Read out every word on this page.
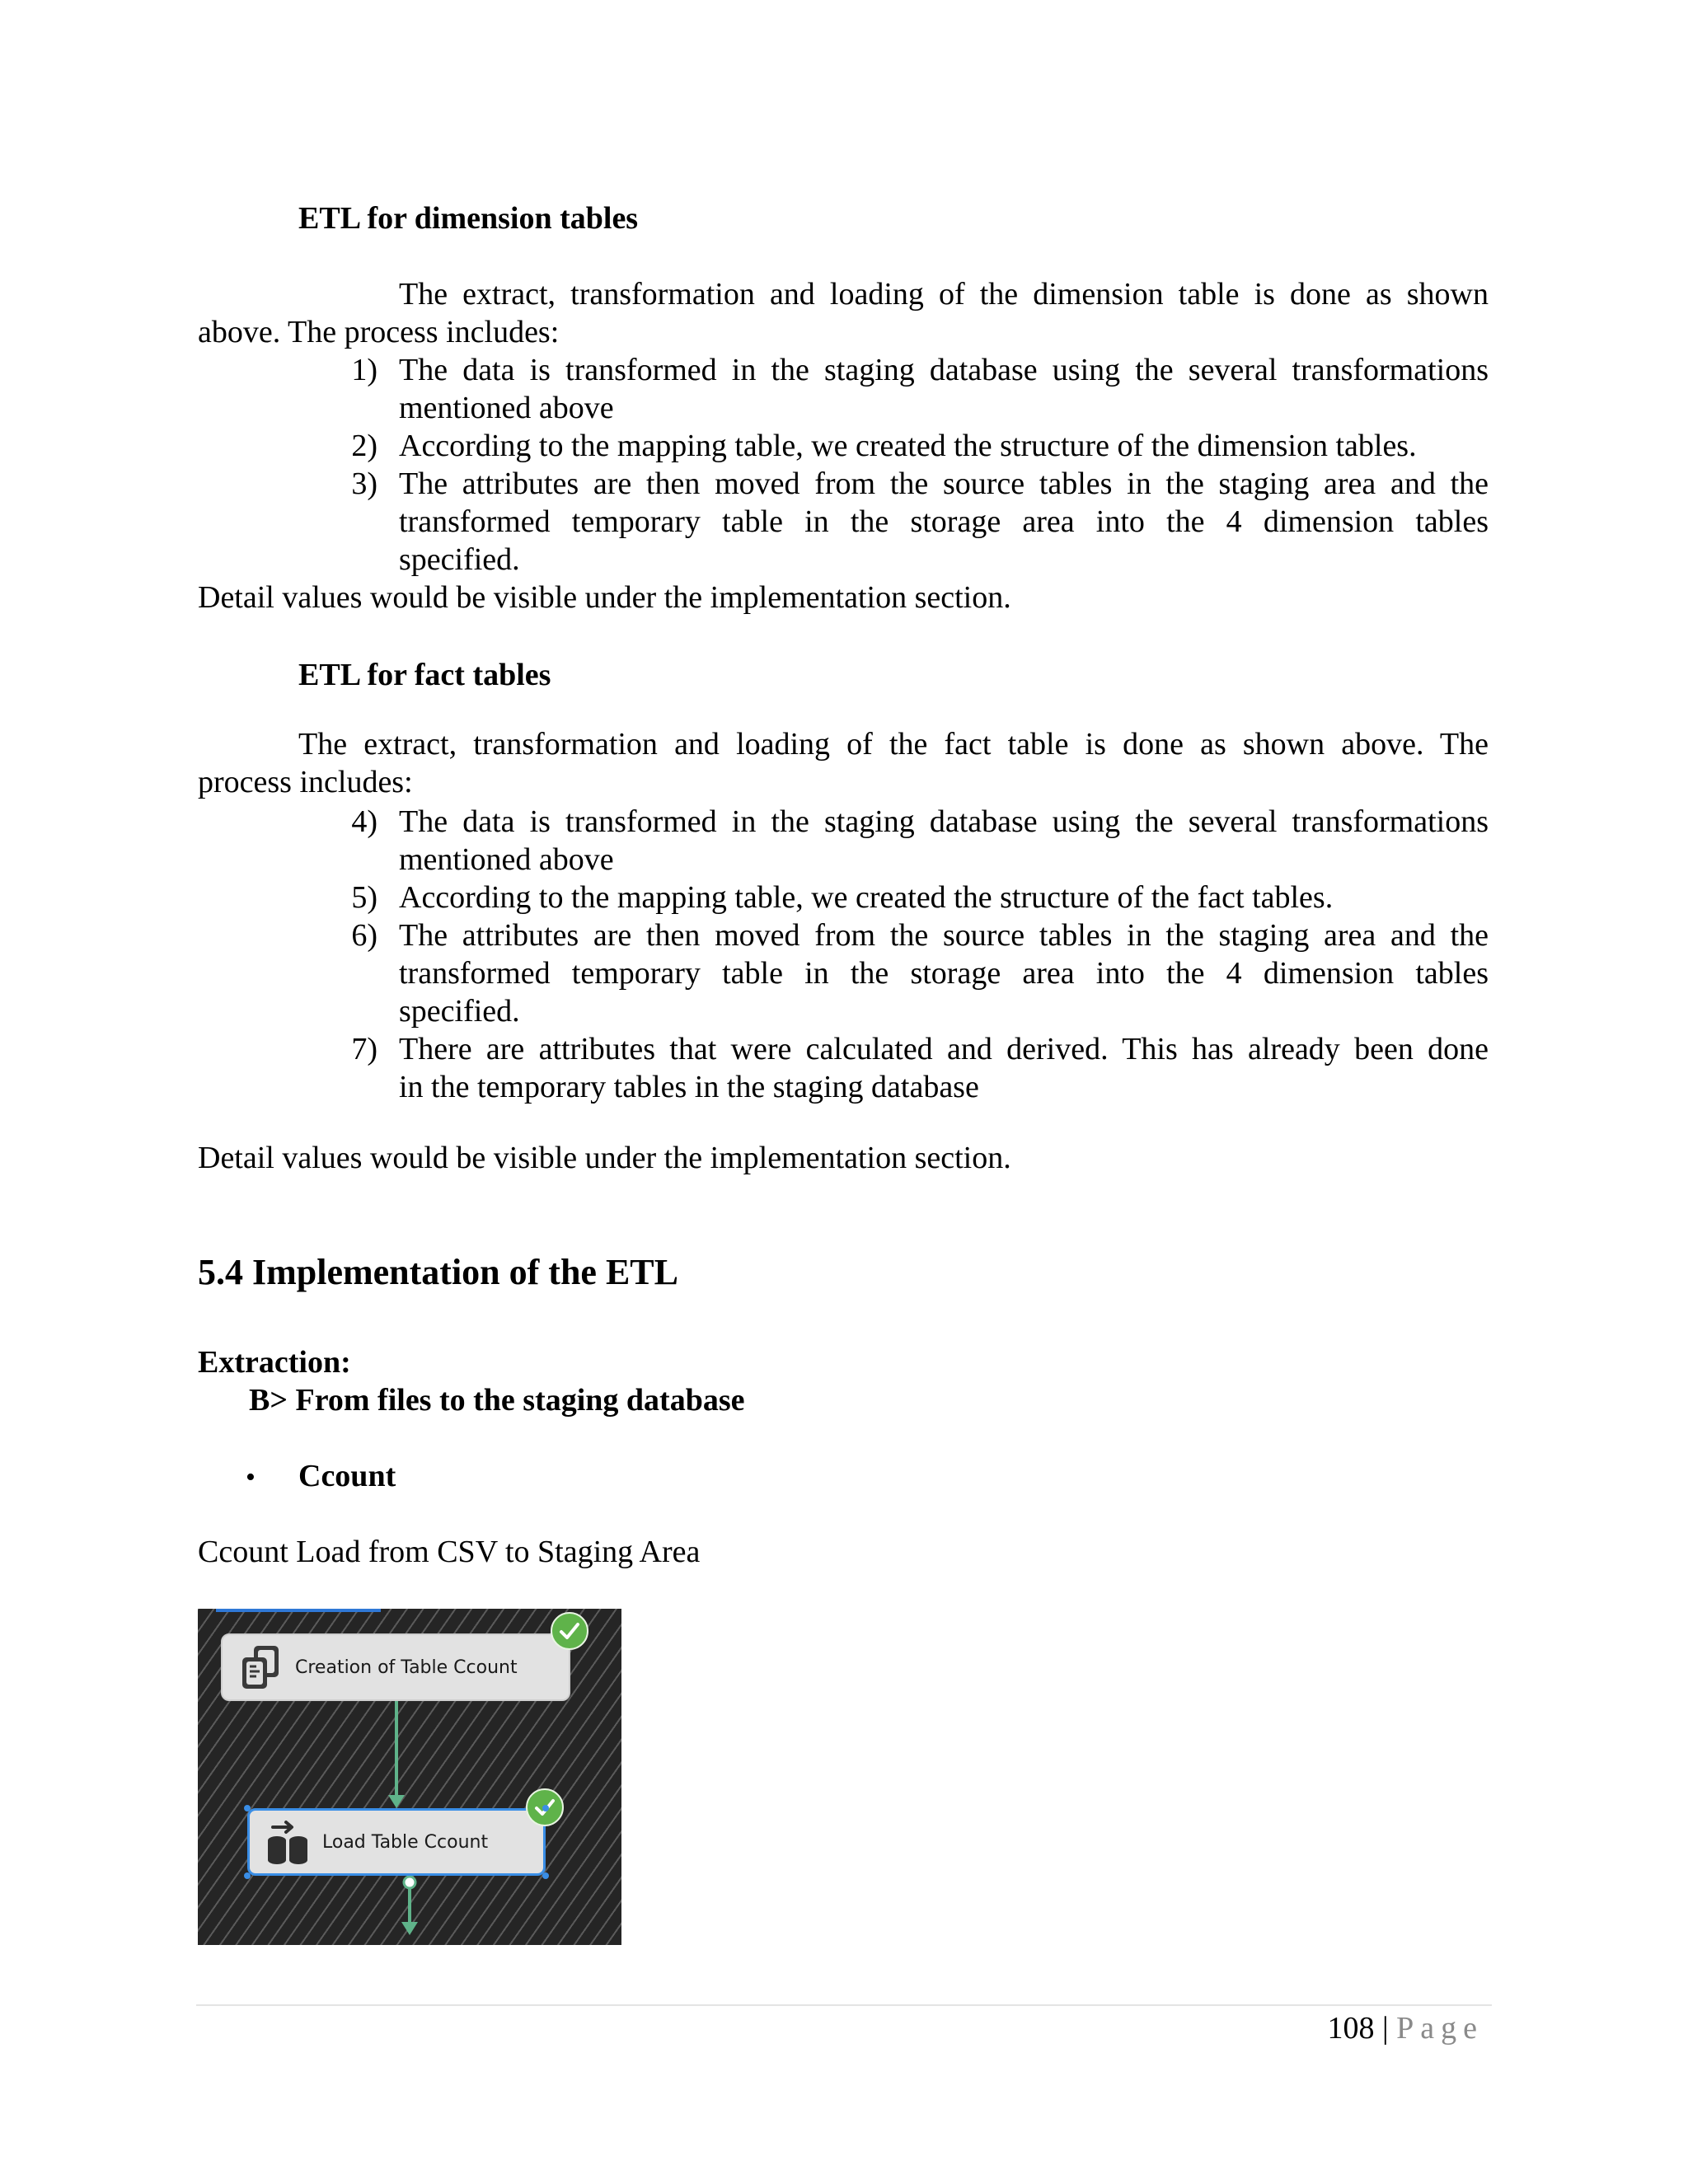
ETL for dimension tables
The extract, transformation and loading of the dimension table is done as shown
above. The process includes:
1) The data is transformed in the staging database using the several transformations
mentioned above
2) According to the mapping table, we created the structure of the dimension tables.
3) The attributes are then moved from the source tables in the staging area and the
transformed temporary table in the storage area into the 4 dimension tables
specified.
Detail values would be visible under the implementation section.
ETL for fact tables
The extract, transformation and loading of the fact table is done as shown above. The
process includes:
4) The data is transformed in the staging database using the several transformations
mentioned above
5) According to the mapping table, we created the structure of the fact tables.
6) The attributes are then moved from the source tables in the staging area and the
transformed temporary table in the storage area into the 4 dimension tables
specified.
7) There are attributes that were calculated and derived. This has already been done
in the temporary tables in the staging database
Detail values would be visible under the implementation section.
5.4 Implementation of the ETL
Extraction:
B> From files to the staging database
• Ccount
Ccount Load from CSV to Staging Area
Creation of Table Ccount
Load Table Ccount
108 | Page
